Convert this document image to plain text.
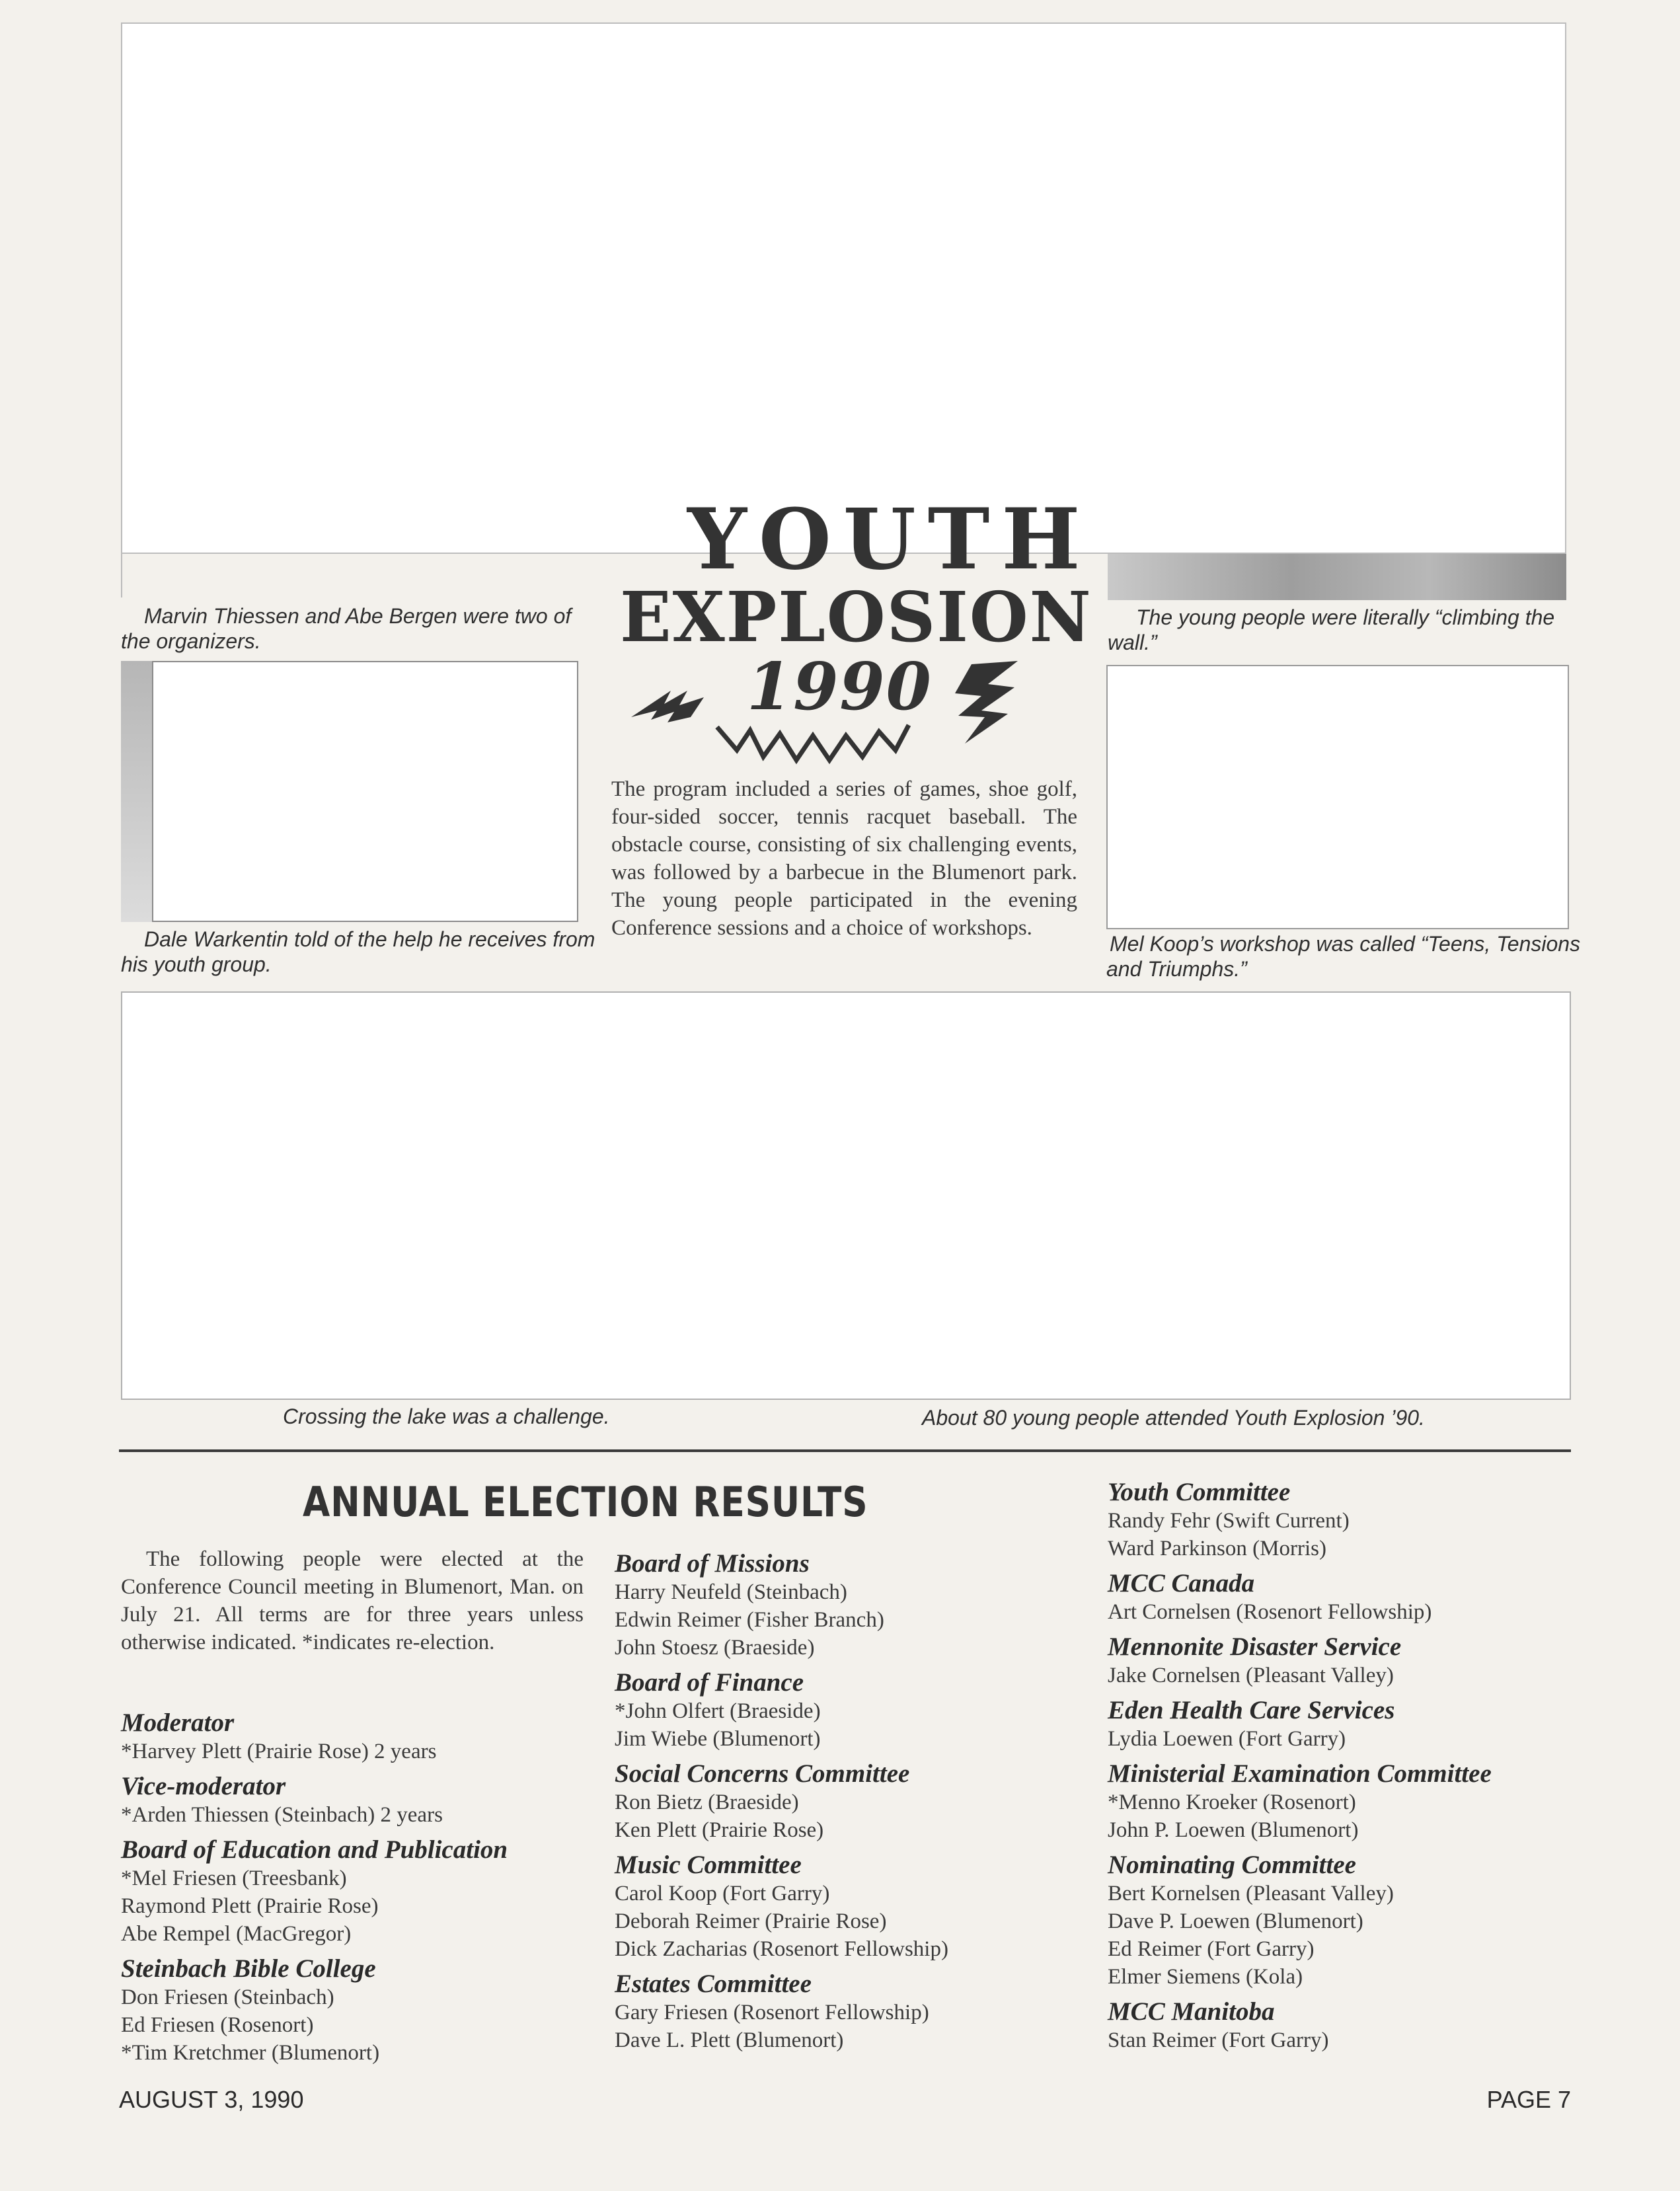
YOUTH
EXPLOSION
1990
The program included a series of games, shoe golf, four-sided soccer, tennis racquet baseball. The obstacle course, consisting of six challenging events, was followed by a barbecue in the Blumenort park. The young people participated in the evening Conference sessions and a choice of workshops.
Marvin Thiessen and Abe Bergen were two of the organizers.
The young people were literally “climbing the wall.”
Dale Warkentin told of the help he receives from his youth group.
Mel Koop’s workshop was called “Teens, Tensions and Triumphs.”
Crossing the lake was a challenge.	About 80 young people attended Youth Explosion ’90.
ANNUAL ELECTION RESULTS
The following people were elected at the Conference Council meeting in Blumenort, Man. on July 21. All terms are for three years unless otherwise indicated. *indicates re-election.
Moderator
*Harvey Plett (Prairie Rose) 2 years
Vice-moderator
*Arden Thiessen (Steinbach) 2 years
Board of Education and Publication
*Mel Friesen (Treesbank)
Raymond Plett (Prairie Rose)
Abe Rempel (MacGregor)
Steinbach Bible College
Don Friesen (Steinbach)
Ed Friesen (Rosenort)
*Tim Kretchmer (Blumenort)
Board of Missions
Harry Neufeld (Steinbach)
Edwin Reimer (Fisher Branch)
John Stoesz (Braeside)
Board of Finance
*John Olfert (Braeside)
Jim Wiebe (Blumenort)
Social Concerns Committee
Ron Bietz (Braeside)
Ken Plett (Prairie Rose)
Music Committee
Carol Koop (Fort Garry)
Deborah Reimer (Prairie Rose)
Dick Zacharias (Rosenort Fellowship)
Estates Committee
Gary Friesen (Rosenort Fellowship)
Dave L. Plett (Blumenort)
Youth Committee
Randy Fehr (Swift Current)
Ward Parkinson (Morris)
MCC Canada
Art Cornelsen (Rosenort Fellowship)
Mennonite Disaster Service
Jake Cornelsen (Pleasant Valley)
Eden Health Care Services
Lydia Loewen (Fort Garry)
Ministerial Examination Committee
*Menno Kroeker (Rosenort)
John P. Loewen (Blumenort)
Nominating Committee
Bert Kornelsen (Pleasant Valley)
Dave P. Loewen (Blumenort)
Ed Reimer (Fort Garry)
Elmer Siemens (Kola)
MCC Manitoba
Stan Reimer (Fort Garry)
AUGUST 3, 1990	PAGE 7
